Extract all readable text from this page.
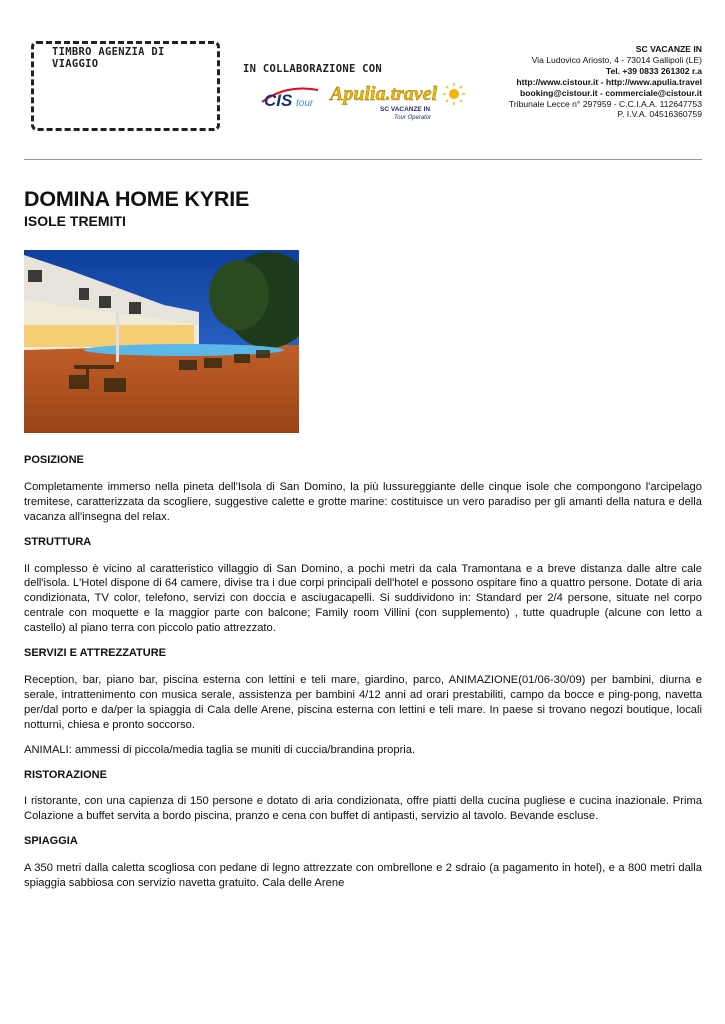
TIMBRO AGENZIA DI VIAGGIO	IN COLLABORAZIONE CON
CIS tour Apulia.travel
SC VACANZE IN
Tour Operator
SC VACANZE IN
Via Ludovico Ariosto, 4 - 73014 Gallipoli (LE)
Tel. +39 0833 261302 r.a
http://www.cistour.it - http://www.apulia.travel
booking@cistour.it - commerciale@cistour.it
Tribunale Lecce n° 297959 - C.C.I.A.A. 112647753
P. I.V.A. 04516360759
DOMINA HOME KYRIE
ISOLE TREMITI
POSIZIONE

Completamente immerso nella pineta dell'Isola di San Domino, la più lussureggiante delle cinque isole che compongono l'arcipelago tremitese, caratterizzata da scogliere, suggestive calette e grotte marine: costituisce un vero paradiso per gli amanti della natura e della vacanza all'insegna del relax.

STRUTTURA

Il complesso è vicino al caratteristico villaggio di San Domino, a pochi metri da cala Tramontana e a breve distanza dalle altre cale dell'isola. L'Hotel dispone di 64 camere, divise tra i due corpi principali dell'hotel e possono ospitare fino a quattro persone. Dotate di aria condizionata, TV color, telefono, servizi con doccia e asciugacapelli. Si suddividono in: Standard per 2/4 persone, situate nel corpo centrale con moquette e la maggior parte con balcone; Family room Villini (con supplemento) , tutte quadruple (alcune con letto a castello) al piano terra con piccolo patio attrezzato.

SERVIZI E ATTREZZATURE

Reception, bar, piano bar, piscina esterna con lettini e teli mare, giardino, parco, ANIMAZIONE(01/06-30/09) per bambini, diurna e serale, intrattenimento con musica serale, assistenza per bambini 4/12 anni ad orari prestabiliti, campo da bocce e ping-pong, navetta per/dal porto e da/per la spiaggia di Cala delle Arene, piscina esterna con lettini e teli mare. In paese si trovano negozi boutique, locali notturni, chiesa e pronto soccorso.

ANIMALI: ammessi di piccola/media taglia se muniti di cuccia/brandina propria.

RISTORAZIONE

I ristorante, con una capienza di 150 persone e dotato di aria condizionata, offre piatti della cucina pugliese e cucina inazionale. Prima Colazione a buffet servita a bordo piscina, pranzo e cena con buffet di antipasti, servizio al tavolo. Bevande escluse.

SPIAGGIA

A 350 metri dalla caletta scogliosa con pedane di legno attrezzate con ombrellone e 2 sdraio (a pagamento in hotel), e a 800 metri dalla spiaggia sabbiosa con servizio navetta gratuito. Cala delle Arene
